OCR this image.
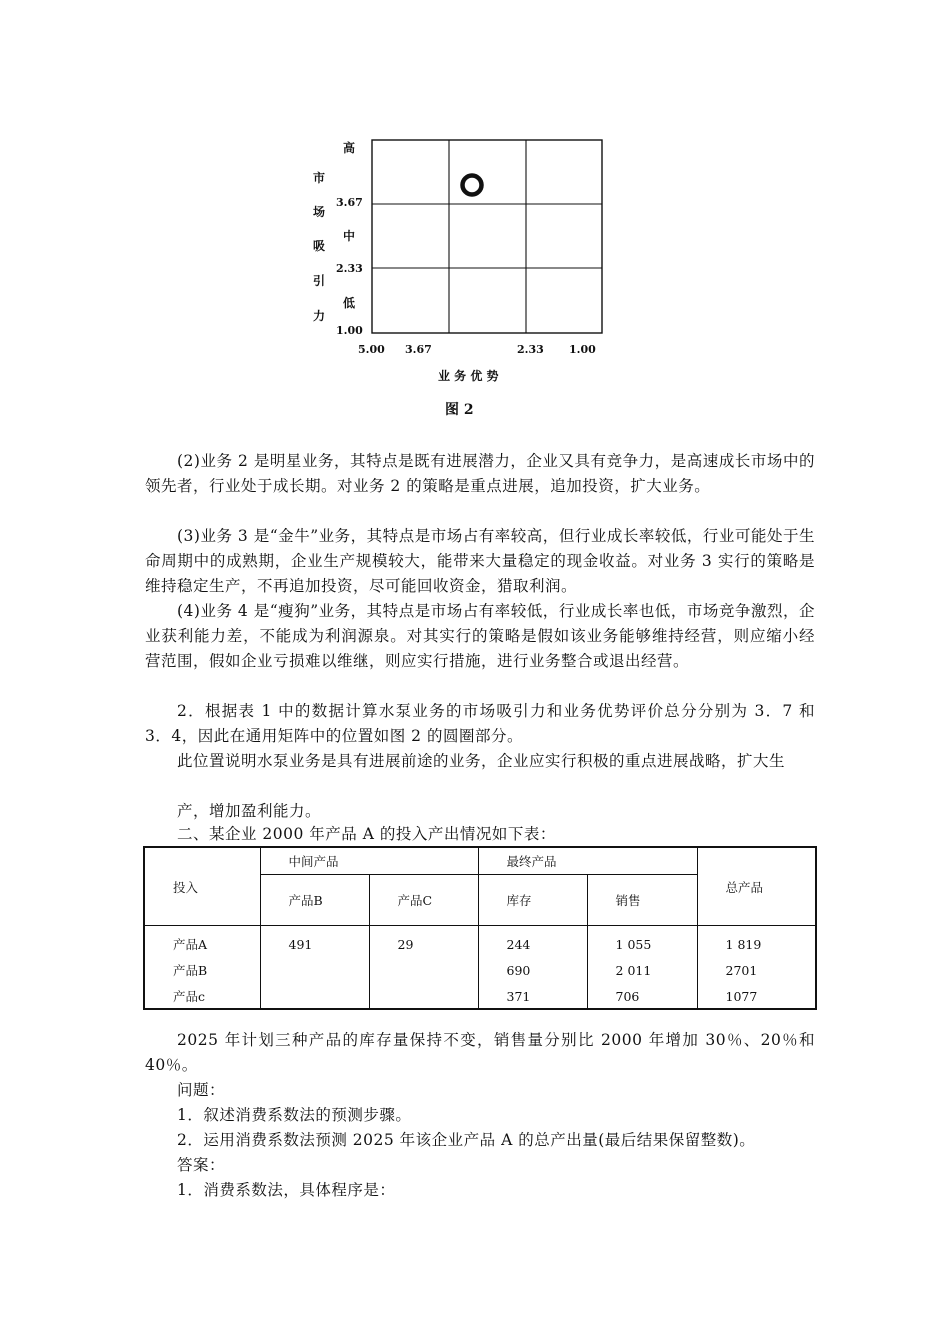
市
场
吸
引
力
高
中
低
3.67
2.33
1.00
5.00 3.67	2.33 1.00
业 务 优 势
图 2

(2)业务 2 是明星业务，其特点是既有进展潜力，企业又具有竞争力，是高速成长市场中的领先者，行业处于成长期。对业务 2 的策略是重点进展，追加投资，扩大业务。

(3)业务 3 是“金牛”业务，其特点是市场占有率较高，但行业成长率较低，行业可能处于生命周期中的成熟期，企业生产规模较大，能带来大量稳定的现金收益。对业务 3 实行的策略是维持稳定生产，不再追加投资，尽可能回收资金，猎取利润。

(4)业务 4 是“瘦狗”业务，其特点是市场占有率较低，行业成长率也低，市场竞争激烈，企业获利能力差，不能成为利润源泉。对其实行的策略是假如该业务能够维持经营，则应缩小经营范围，假如企业亏损难以维继，则应实行措施，进行业务整合或退出经营。

2．根据表 1 中的数据计算水泵业务的市场吸引力和业务优势评价总分分别为 3．7 和 3．4，因此在通用矩阵中的位置如图 2 的圆圈部分。

此位置说明水泵业务是具有进展前途的业务，企业应实行积极的重点进展战略，扩大生

产，增加盈利能力。

二、某企业 2000 年产品 A 的投入产出情况如下表：

投入	中间产品		最终产品		总产品
	产品B	产品C	库存	销售	
产品A	491	29	244	1 055	1 819
产品B			690	2 011	2701
产品c			371	706	1077

2025 年计划三种产品的库存量保持不变，销售量分别比 2000 年增加 30％、20％和 40％。

问题：

1．叙述消费系数法的预测步骤。

2．运用消费系数法预测 2025 年该企业产品 A 的总产出量(最后结果保留整数)。

答案：

1．消费系数法，具体程序是：
